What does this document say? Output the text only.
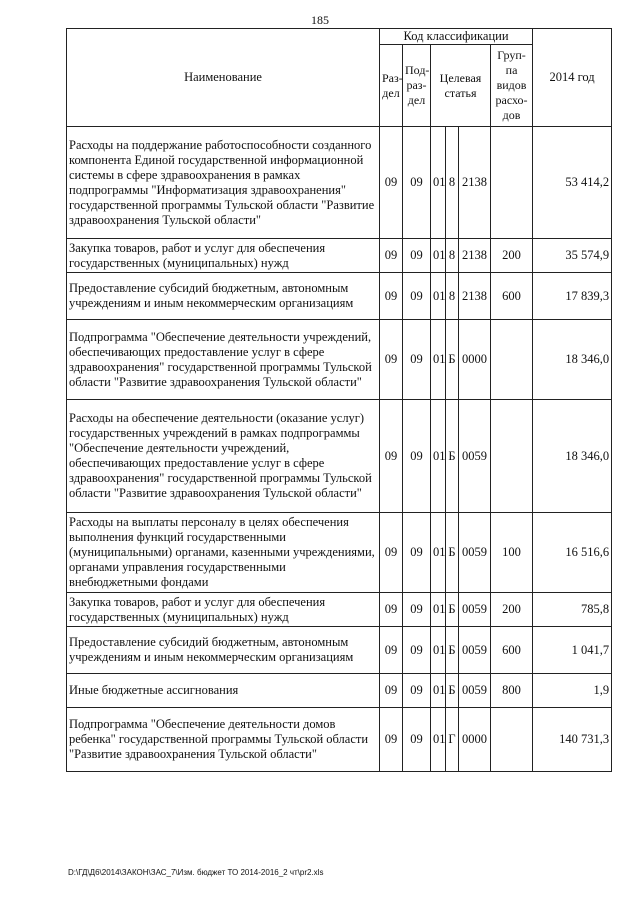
185
Наименование	Код классификации						2014 год
	Раз-дел	Под-раз-дел	Целевая статья			Груп-па видов расхо-дов	
Расходы на поддержание работоспособности созданного компонента Единой государственной информационной системы в сфере здравоохранения в рамках подпрограммы "Информатизация здравоохранения" государственной программы Тульской области "Развитие здравоохранения Тульской области"	09	09	01	8	2138		53 414,2
Закупка товаров, работ и услуг для обеспечения государственных (муниципальных) нужд	09	09	01	8	2138	200	35 574,9
Предоставление субсидий бюджетным, автономным учреждениям и иным некоммерческим организациям	09	09	01	8	2138	600	17 839,3
Подпрограмма "Обеспечение деятельности учреждений, обеспечивающих предоставление услуг в сфере здравоохранения" государственной программы Тульской области "Развитие здравоохранения Тульской области"	09	09	01	Б	0000		18 346,0
Расходы на обеспечение деятельности (оказание услуг) государственных учреждений в рамках подпрограммы "Обеспечение деятельности учреждений, обеспечивающих предоставление услуг в сфере здравоохранения" государственной программы Тульской области "Развитие здравоохранения Тульской области"	09	09	01	Б	0059		18 346,0
Расходы на выплаты персоналу в целях обеспечения выполнения функций государственными (муниципальными) органами, казенными учреждениями, органами управления государственными внебюджетными фондами	09	09	01	Б	0059	100	16 516,6
Закупка товаров, работ и услуг для обеспечения государственных (муниципальных) нужд	09	09	01	Б	0059	200	785,8
Предоставление субсидий бюджетным, автономным учреждениям и иным некоммерческим организациям	09	09	01	Б	0059	600	1 041,7
Иные бюджетные ассигнования	09	09	01	Б	0059	800	1,9
Подпрограмма "Обеспечение деятельности домов ребенка" государственной программы Тульской области "Развитие здравоохранения Тульской области"	09	09	01	Г	0000		140 731,3
D:\ГД\Д6\2014\ЗАКОН\ЗАС_7\Изм. бюджет ТО 2014-2016_2 чт\pr2.xls
